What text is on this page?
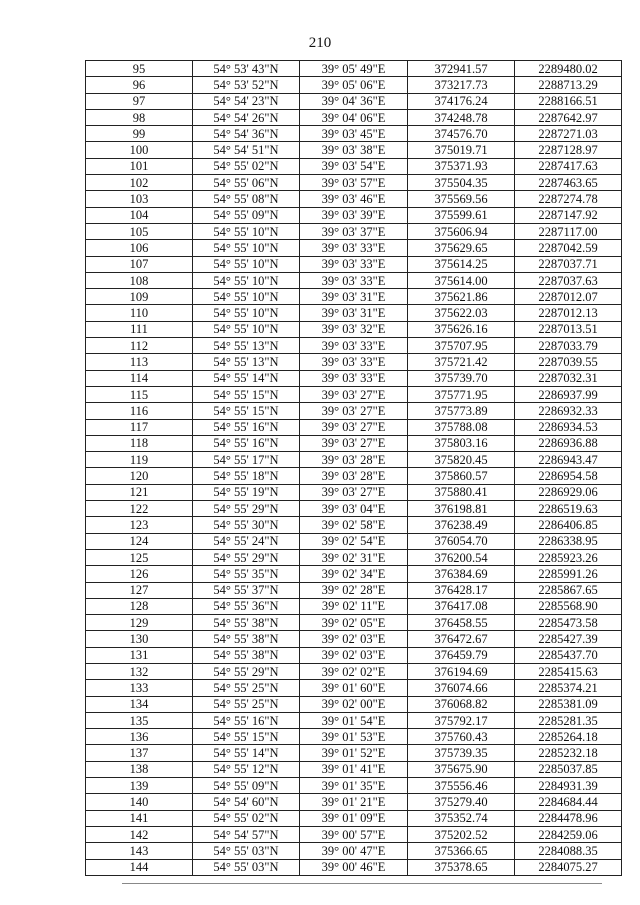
210
95	54° 53' 43"N	39° 05' 49"E	372941.57	2289480.02
96	54° 53' 52"N	39° 05' 06"E	373217.73	2288713.29
97	54° 54' 23"N	39° 04' 36"E	374176.24	2288166.51
98	54° 54' 26"N	39° 04' 06"E	374248.78	2287642.97
99	54° 54' 36"N	39° 03' 45"E	374576.70	2287271.03
100	54° 54' 51"N	39° 03' 38"E	375019.71	2287128.97
101	54° 55' 02"N	39° 03' 54"E	375371.93	2287417.63
102	54° 55' 06"N	39° 03' 57"E	375504.35	2287463.65
103	54° 55' 08"N	39° 03' 46"E	375569.56	2287274.78
104	54° 55' 09"N	39° 03' 39"E	375599.61	2287147.92
105	54° 55' 10"N	39° 03' 37"E	375606.94	2287117.00
106	54° 55' 10"N	39° 03' 33"E	375629.65	2287042.59
107	54° 55' 10"N	39° 03' 33"E	375614.25	2287037.71
108	54° 55' 10"N	39° 03' 33"E	375614.00	2287037.63
109	54° 55' 10"N	39° 03' 31"E	375621.86	2287012.07
110	54° 55' 10"N	39° 03' 31"E	375622.03	2287012.13
111	54° 55' 10"N	39° 03' 32"E	375626.16	2287013.51
112	54° 55' 13"N	39° 03' 33"E	375707.95	2287033.79
113	54° 55' 13"N	39° 03' 33"E	375721.42	2287039.55
114	54° 55' 14"N	39° 03' 33"E	375739.70	2287032.31
115	54° 55' 15"N	39° 03' 27"E	375771.95	2286937.99
116	54° 55' 15"N	39° 03' 27"E	375773.89	2286932.33
117	54° 55' 16"N	39° 03' 27"E	375788.08	2286934.53
118	54° 55' 16"N	39° 03' 27"E	375803.16	2286936.88
119	54° 55' 17"N	39° 03' 28"E	375820.45	2286943.47
120	54° 55' 18"N	39° 03' 28"E	375860.57	2286954.58
121	54° 55' 19"N	39° 03' 27"E	375880.41	2286929.06
122	54° 55' 29"N	39° 03' 04"E	376198.81	2286519.63
123	54° 55' 30"N	39° 02' 58"E	376238.49	2286406.85
124	54° 55' 24"N	39° 02' 54"E	376054.70	2286338.95
125	54° 55' 29"N	39° 02' 31"E	376200.54	2285923.26
126	54° 55' 35"N	39° 02' 34"E	376384.69	2285991.26
127	54° 55' 37"N	39° 02' 28"E	376428.17	2285867.65
128	54° 55' 36"N	39° 02' 11"E	376417.08	2285568.90
129	54° 55' 38"N	39° 02' 05"E	376458.55	2285473.58
130	54° 55' 38"N	39° 02' 03"E	376472.67	2285427.39
131	54° 55' 38"N	39° 02' 03"E	376459.79	2285437.70
132	54° 55' 29"N	39° 02' 02"E	376194.69	2285415.63
133	54° 55' 25"N	39° 01' 60"E	376074.66	2285374.21
134	54° 55' 25"N	39° 02' 00"E	376068.82	2285381.09
135	54° 55' 16"N	39° 01' 54"E	375792.17	2285281.35
136	54° 55' 15"N	39° 01' 53"E	375760.43	2285264.18
137	54° 55' 14"N	39° 01' 52"E	375739.35	2285232.18
138	54° 55' 12"N	39° 01' 41"E	375675.90	2285037.85
139	54° 55' 09"N	39° 01' 35"E	375556.46	2284931.39
140	54° 54' 60"N	39° 01' 21"E	375279.40	2284684.44
141	54° 55' 02"N	39° 01' 09"E	375352.74	2284478.96
142	54° 54' 57"N	39° 00' 57"E	375202.52	2284259.06
143	54° 55' 03"N	39° 00' 47"E	375366.65	2284088.35
144	54° 55' 03"N	39° 00' 46"E	375378.65	2284075.27
